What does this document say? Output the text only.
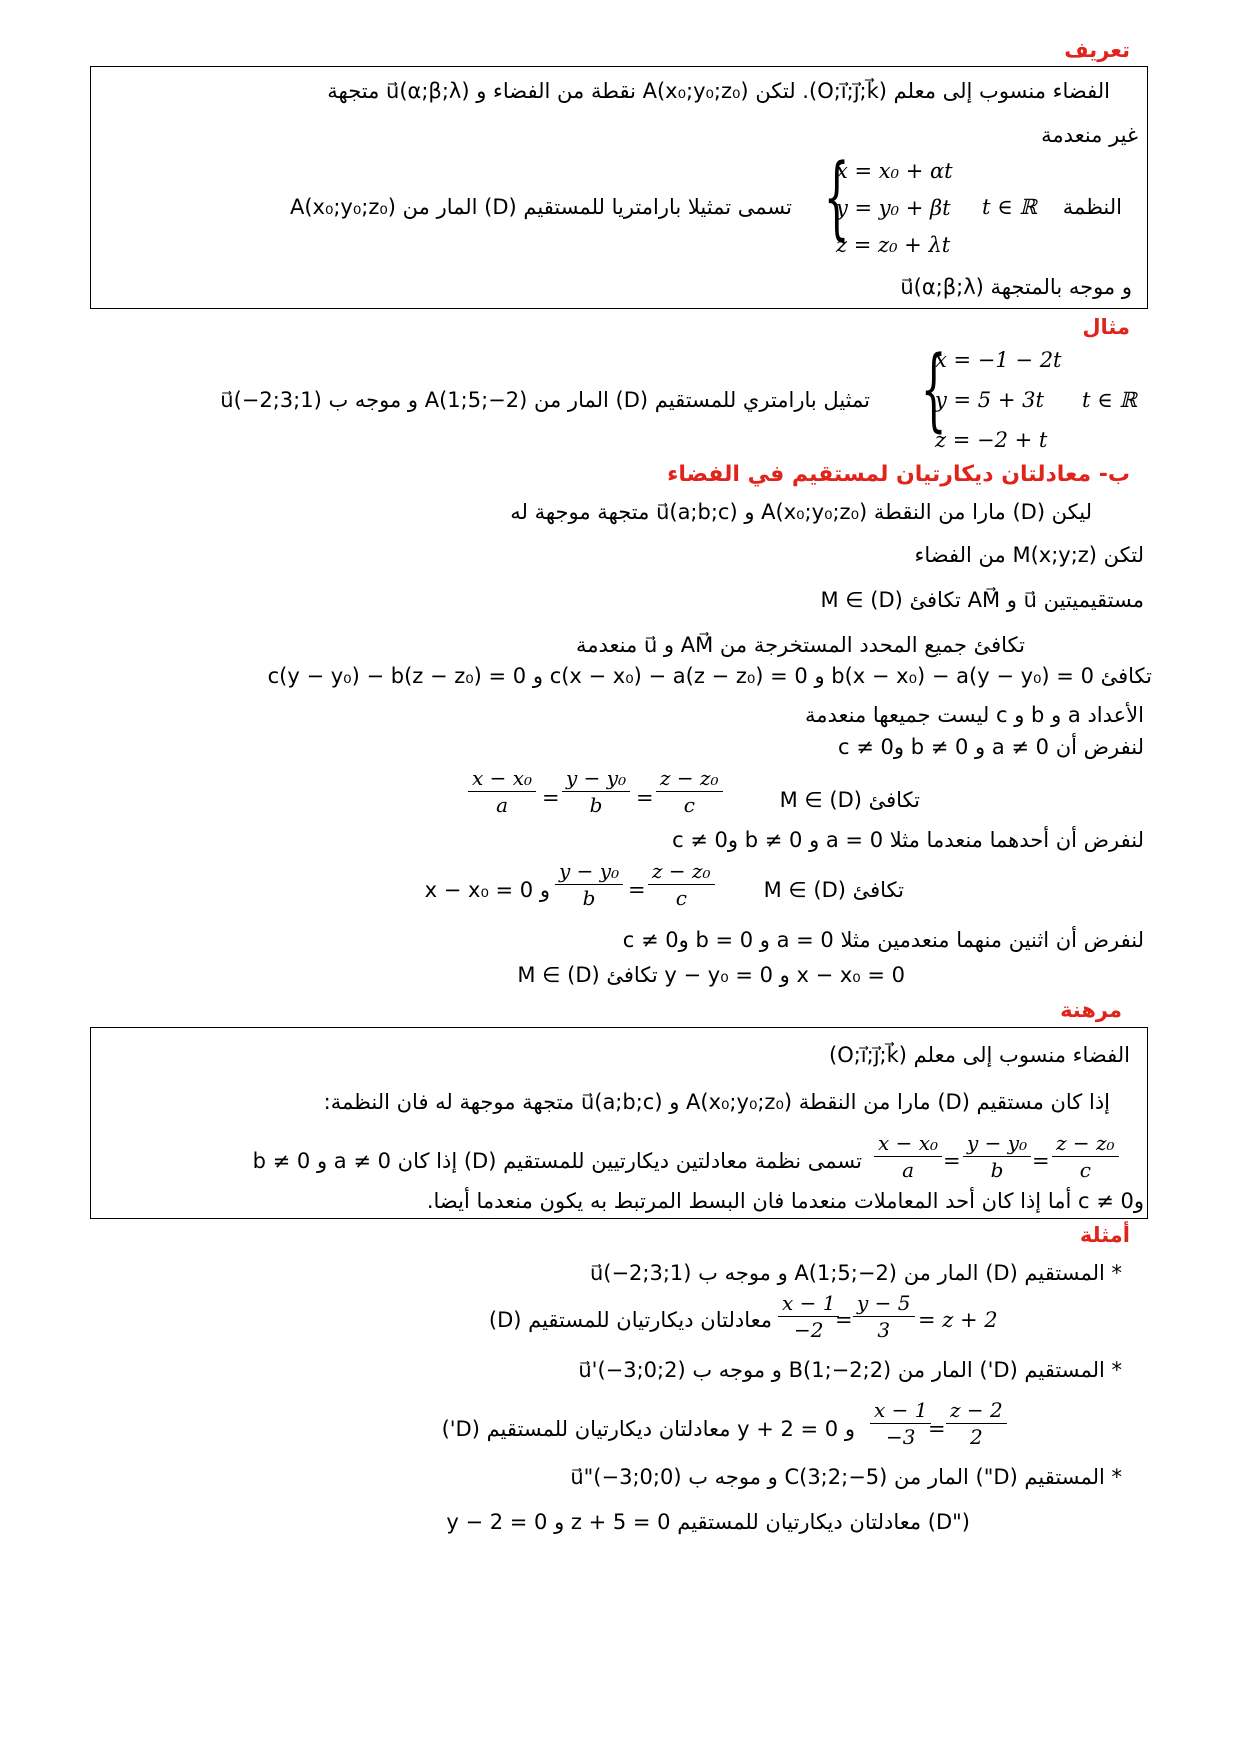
تعريف
الفضاء منسوب إلى معلم (O;i⃗;j⃗;k⃗). لتكن A(x₀;y₀;z₀) نقطة من الفضاء و u⃗(α;β;λ) متجهة
غير منعدمة
النظمة
t ∈ ℝ
{
x = x₀ + αt
y = y₀ + βt
z = z₀ + λt
تسمى تمثيلا بارامتريا للمستقيم (D) المار من A(x₀;y₀;z₀)
و موجه بالمتجهة u⃗(α;β;λ)
مثال
{
x = −1 − 2t
y = 5 + 3t
z = −2 + t
t ∈ ℝ
تمثيل بارامتري للمستقيم (D) المار من A(1;5;−2) و موجه ب u⃗(−2;3;1)
ب- معادلتان ديكارتيان لمستقيم في الفضاء
ليكن (D) مارا من النقطة A(x₀;y₀;z₀) و u⃗(a;b;c) متجهة موجهة له
لتكن M(x;y;z) من الفضاء
M ∈ (D) تكافئ AM⃗ و u⃗ مستقيميتين
تكافئ جميع المحدد المستخرجة من AM⃗ و u⃗ منعدمة
تكافئ b(x − x₀) − a(y − y₀) = 0 و c(x − x₀) − a(z − z₀) = 0 و c(y − y₀) − b(z − z₀) = 0
الأعداد a و b و c ليست جميعها منعدمة
لنفرض أن a ≠ 0 و b ≠ 0 وc ≠ 0
M ∈ (D) تكافئ
$\frac{\text{x − x₀}}{a} = \frac{\text{y − y₀}}{b} = \frac{\text{z − z₀}}{c}$
لنفرض أن أحدهما منعدما مثلا a = 0 و b ≠ 0 وc ≠ 0
M ∈ (D) تكافئ
$\frac{\text{y − y₀}}{b} = \frac{\text{z − z₀}}{c}$
و x − x₀ = 0
لنفرض أن اثنين منهما منعدمين مثلا a = 0 و b = 0 وc ≠ 0
M ∈ (D) تكافئ y − y₀ = 0 و x − x₀ = 0
مرهنة
الفضاء منسوب إلى معلم (O;i⃗;j⃗;k⃗)
إذا كان مستقيم (D) مارا من النقطة A(x₀;y₀;z₀) و u⃗(a;b;c) متجهة موجهة له فان النظمة:
$\frac{\text{z − z₀}}{c}$
=
$\frac{\text{y − y₀}}{b}$
=
$\frac{\text{x − x₀}}{a}$
تسمى نظمة معادلتين ديكارتيين للمستقيم (D) إذا كان a ≠ 0 و b ≠ 0
وc ≠ 0 أما إذا كان أحد المعاملات منعدما فان البسط المرتبط به يكون منعدما أيضا.
أمثلة
* المستقيم (D) المار من A(1;5;−2) و موجه ب u⃗(−2;3;1)
$\frac{x - 1}{-2}$
= $\frac{y - 5}{3} = z + 2$
معادلتان ديكارتيان للمستقيم (D)
* المستقيم (D') المار من B(1;−2;2) و موجه ب u⃗'(−3;0;2)
$\frac{x - 1}{-3}$
= $\frac{z - 2}{2}$
و y + 2 = 0 معادلتان ديكارتيان للمستقيم (D')
* المستقيم (D") المار من C(3;2;−5) و موجه ب u⃗"(−3;0;0)
y − 2 = 0 و z + 5 = 0 معادلتان ديكارتيان للمستقيم (D")
